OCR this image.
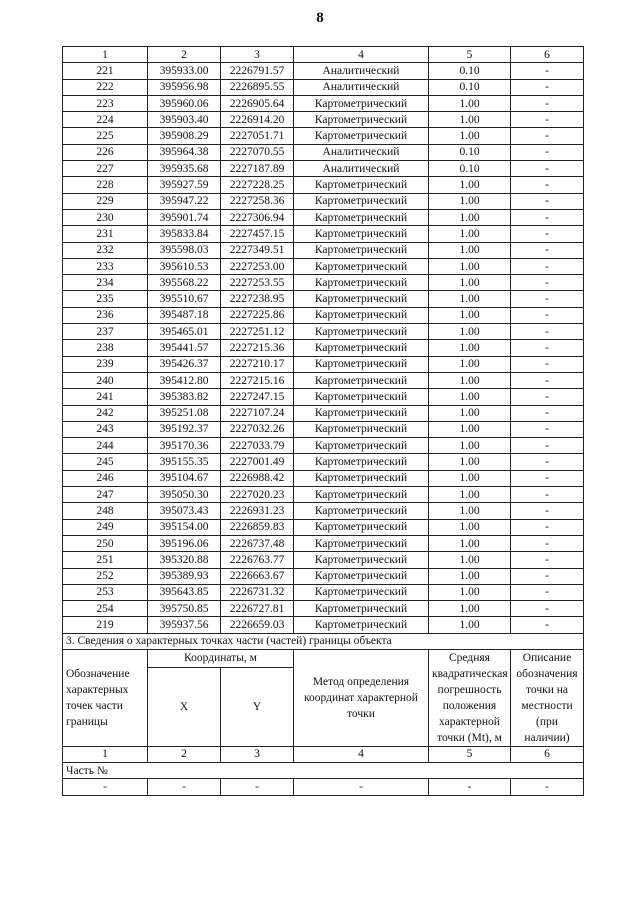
8
1	2	3	4	5	6
221	395933.00	2226791.57	Аналитический	0.10	-
222	395956.98	2226895.55	Аналитический	0.10	-
223	395960.06	2226905.64	Картометрический	1.00	-
224	395903.40	2226914.20	Картометрический	1.00	-
225	395908.29	2227051.71	Картометрический	1.00	-
226	395964.38	2227070.55	Аналитический	0.10	-
227	395935.68	2227187.89	Аналитический	0.10	-
228	395927.59	2227228.25	Картометрический	1.00	-
229	395947.22	2227258.36	Картометрический	1.00	-
230	395901.74	2227306.94	Картометрический	1.00	-
231	395833.84	2227457.15	Картометрический	1.00	-
232	395598.03	2227349.51	Картометрический	1.00	-
233	395610.53	2227253.00	Картометрический	1.00	-
234	395568.22	2227253.55	Картометрический	1.00	-
235	395510.67	2227238.95	Картометрический	1.00	-
236	395487.18	2227225.86	Картометрический	1.00	-
237	395465.01	2227251.12	Картометрический	1.00	-
238	395441.57	2227215.36	Картометрический	1.00	-
239	395426.37	2227210.17	Картометрический	1.00	-
240	395412.80	2227215.16	Картометрический	1.00	-
241	395383.82	2227247.15	Картометрический	1.00	-
242	395251.08	2227107.24	Картометрический	1.00	-
243	395192.37	2227032.26	Картометрический	1.00	-
244	395170.36	2227033.79	Картометрический	1.00	-
245	395155.35	2227001.49	Картометрический	1.00	-
246	395104.67	2226988.42	Картометрический	1.00	-
247	395050.30	2227020.23	Картометрический	1.00	-
248	395073.43	2226931.23	Картометрический	1.00	-
249	395154.00	2226859.83	Картометрический	1.00	-
250	395196.06	2226737.48	Картометрический	1.00	-
251	395320.88	2226763.77	Картометрический	1.00	-
252	395389.93	2226663.67	Картометрический	1.00	-
253	395643.85	2226731.32	Картометрический	1.00	-
254	395750.85	2226727.81	Картометрический	1.00	-
219	395937.56	2226659.03	Картометрический	1.00	-
3. Сведения о характерных точках части (частей) границы объекта					
Обозначение характерных точек части границы	Координаты, м		Метод определения координат характерной точки	Средняя квадратическая погрешность положения характерной точки (Mt), м	Описание обозначения точки на местности (при наличии)
	X	Y			
1	2	3	4	5	6
Часть №					
-	-	-	-	-	-
